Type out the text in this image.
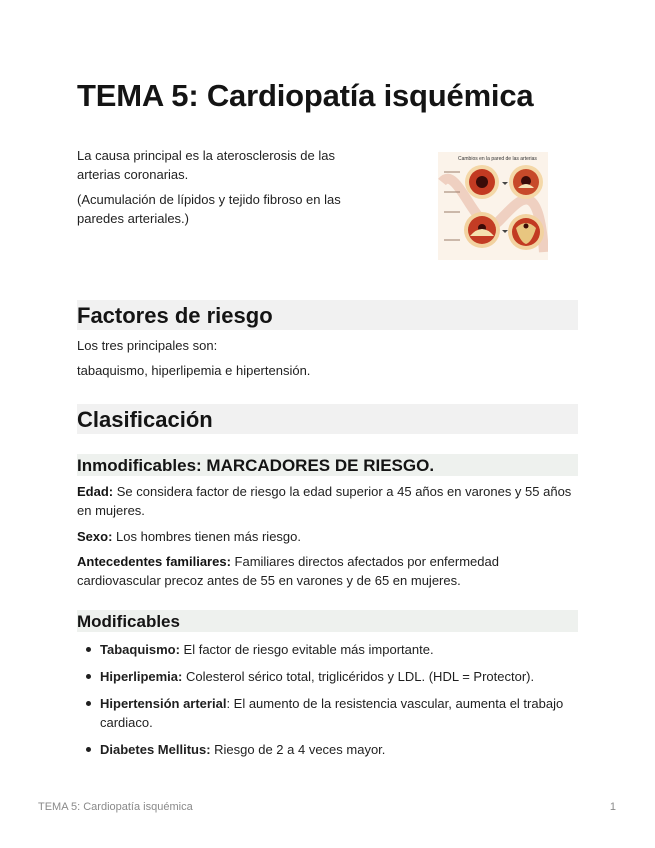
TEMA 5: Cardiopatía isquémica

La causa principal es la aterosclerosis de las arterias coronarias.

(Acumulación de lípidos y tejido fibroso en las paredes arteriales.)

Cambios en la pared de las arterias
Factores de riesgo

Los tres principales son:

tabaquismo, hiperlipemia e hipertensión.

Clasificación
Inmodificables: MARCADORES DE RIESGO.

Edad: Se considera factor de riesgo la edad superior a 45 años en varones y 55 años en mujeres.

Sexo: Los hombres tienen más riesgo.

Antecedentes familiares: Familiares directos afectados por enfermedad cardiovascular precoz antes de 55 en varones y de 65 en mujeres.

Modificables
Tabaquismo: El factor de riesgo evitable más importante.
Hiperlipemia: Colesterol sérico total, triglicéridos y LDL. (HDL = Protector).
Hipertensión arterial: El aumento de la resistencia vascular, aumenta el trabajo cardiaco.
Diabetes Mellitus: Riesgo de 2 a 4 veces mayor.
TEMA 5: Cardiopatía isquémica	1
